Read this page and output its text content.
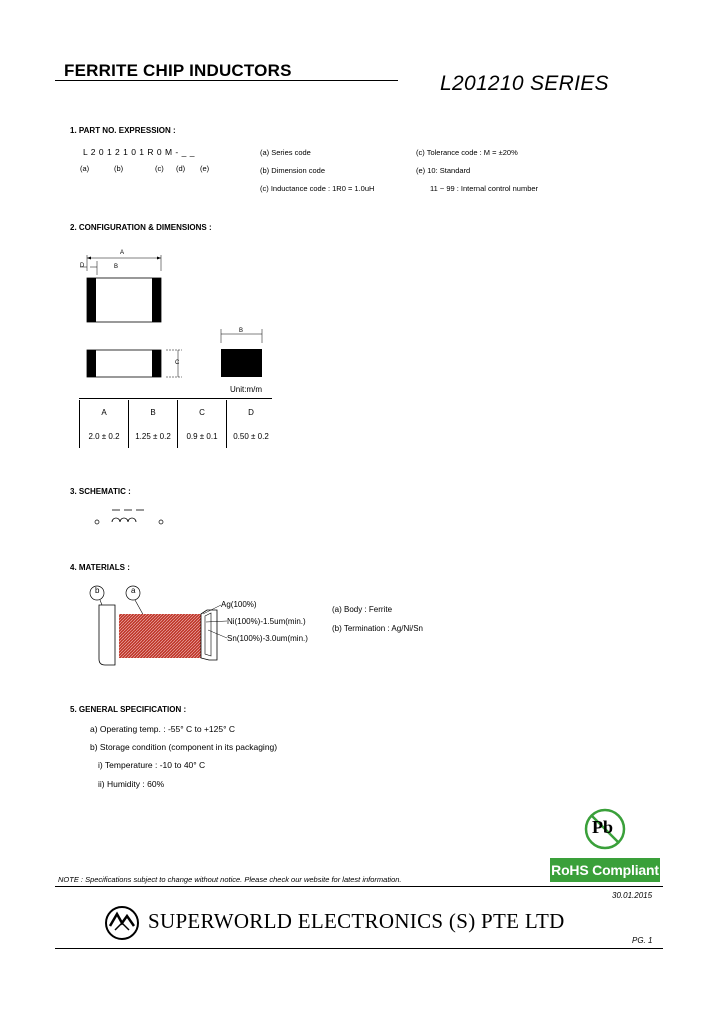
FERRITE CHIP INDUCTORS
L201210 SERIES
1. PART NO. EXPRESSION :
L 2 0 1 2 1 0 1 R 0 M - _ _
(a)	(b)	(c) (d) (e)
(a) Series code
(b) Dimension code
(c) Inductance code : 1R0 = 1.0uH
(c) Tolerance code : M = ±20%
(e) 10: Standard
11 ~ 99 : Internal control number
2. CONFIGURATION & DIMENSIONS :
A
D	B
C
B
Unit:m/m
A	B	C	D
2.0 ± 0.2	1.25 ± 0.2	0.9 ± 0.1	0.50 ± 0.2
3. SCHEMATIC :
4. MATERIALS :
b	a
Ag(100%)
Ni(100%)-1.5um(min.)
Sn(100%)-3.0um(min.)
(a) Body : Ferrite
(b) Termination : Ag/Ni/Sn
5. GENERAL SPECIFICATION :
a) Operating temp. : -55° C to +125° C
b) Storage condition (component in its packaging)
i) Temperature : -10 to 40° C
ii) Humidity : 60%
Pb
RoHS Compliant
NOTE : Specifications subject to change without notice. Please check our website for latest information.
30.01.2015
SUPERWORLD ELECTRONICS (S) PTE LTD
PG. 1
